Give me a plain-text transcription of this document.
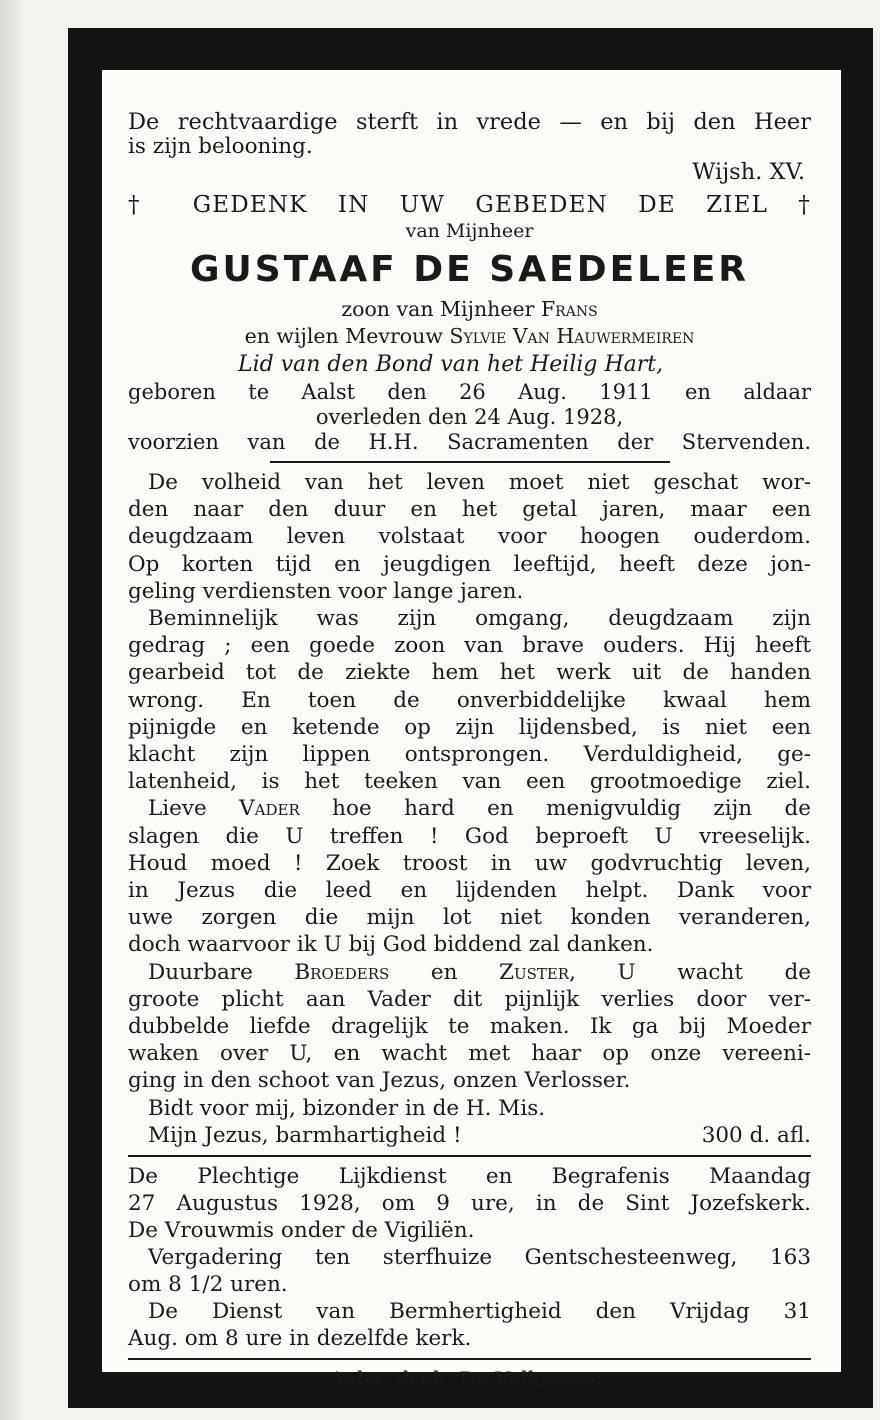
De rechtvaardige sterft in vrede — en bij den Heer
is zijn belooning.
Wijsh. XV.
† GEDENK IN UW GEBEDEN DE ZIEL †
van Mijnheer
GUSTAAF DE SAEDELEER
zoon van Mijnheer Frans
en wijlen Mevrouw Sylvie Van Hauwermeiren
Lid van den Bond van het Heilig Hart,
geboren te Aalst den 26 Aug. 1911 en aldaar
overleden den 24 Aug. 1928,
voorzien van de H.H. Sacramenten der Stervenden.
De volheid van het leven moet niet geschat wor-
den naar den duur en het getal jaren, maar een
deugdzaam leven volstaat voor hoogen ouderdom.
Op korten tijd en jeugdigen leeftijd, heeft deze jon-
geling verdiensten voor lange jaren.
Beminnelijk was zijn omgang, deugdzaam zijn
gedrag ; een goede zoon van brave ouders. Hij heeft
gearbeid tot de ziekte hem het werk uit de handen
wrong. En toen de onverbiddelijke kwaal hem
pijnigde en ketende op zijn lijdensbed, is niet een
klacht zijn lippen ontsprongen. Verduldigheid, ge-
latenheid, is het teeken van een grootmoedige ziel.
Lieve Vader hoe hard en menigvuldig zijn de
slagen die U treffen ! God beproeft U vreeselijk.
Houd moed ! Zoek troost in uw godvruchtig leven,
in Jezus die leed en lijdenden helpt. Dank voor
uwe zorgen die mijn lot niet konden veranderen,
doch waarvoor ik U bij God biddend zal danken.
Duurbare Broeders en Zuster, U wacht de
groote plicht aan Vader dit pijnlijk verlies door ver-
dubbelde liefde dragelijk te maken. Ik ga bij Moeder
waken over U, en wacht met haar op onze vereeni-
ging in den schoot van Jezus, onzen Verlosser.
Bidt voor mij, bizonder in de H. Mis.
Mijn Jezus, barmhartigheid !	300 d. afl.
De Plechtige Lijkdienst en Begrafenis Maandag
27 Augustus 1928, om 9 ure, in de Sint Jozefskerk.
De Vrouwmis onder de Vigiliën.
Vergadering ten sterfhuize Gentschesteenweg, 163
om 8 1/2 uren.
De Dienst van Bermhertigheid den Vrijdag 31
Aug. om 8 ure in dezelfde kerk.
Aalst, druk. De Volksstem.
